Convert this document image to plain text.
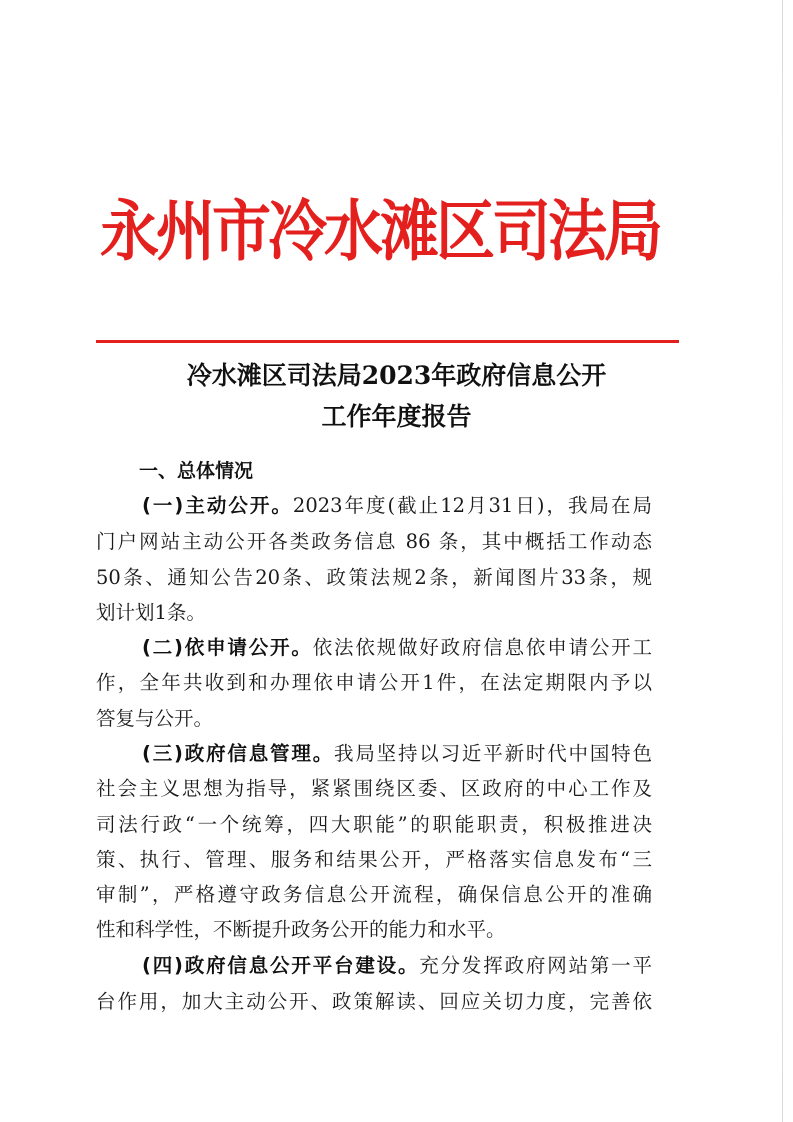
永州市冷水滩区司法局
冷水滩区司法局2023年政府信息公开
工作年度报告
一、总体情况
(一)主动公开。2023年度(截止12月31日)，我局在局
门户网站主动公开各类政务信息 86 条，其中概括工作动态
50条、通知公告20条、政策法规2条，新闻图片33条，规
划计划1条。
(二)依申请公开。依法依规做好政府信息依申请公开工
作，全年共收到和办理依申请公开1件，在法定期限内予以
答复与公开。
(三)政府信息管理。我局坚持以习近平新时代中国特色
社会主义思想为指导，紧紧围绕区委、区政府的中心工作及
司法行政“一个统筹，四大职能”的职能职责，积极推进决
策、执行、管理、服务和结果公开，严格落实信息发布“三
审制”，严格遵守政务信息公开流程，确保信息公开的准确
性和科学性，不断提升政务公开的能力和水平。
(四)政府信息公开平台建设。充分发挥政府网站第一平
台作用，加大主动公开、政策解读、回应关切力度，完善依
